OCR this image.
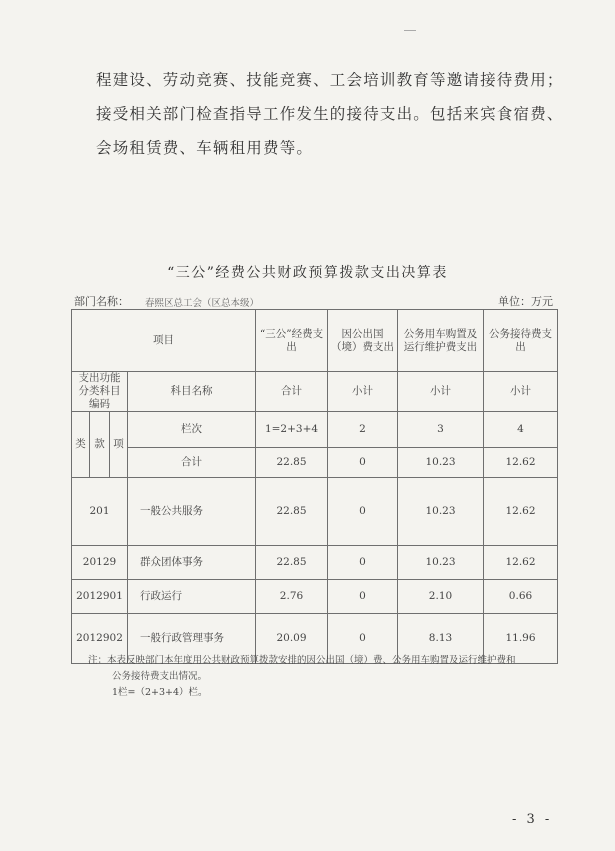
程建设、劳动竞赛、技能竞赛、工会培训教育等邀请接待费用；
接受相关部门检查指导工作发生的接待支出。包括来宾食宿费、
会场租赁费、车辆租用费等。
“三公”经费公共财政预算拨款支出决算表
部门名称： 春熙区总工会（区总本级）	单位：万元
项目				“三公”经费支出	因公出国（境）费支出	公务用车购置及运行维护费支出	公务接待费支出
支出功能分类科目编码			科目名称	合计	小计	小计	小计
类	款	项	栏次	1=2+3+4	2	3	4
			合计	22.85	0	10.23	12.62
201			一般公共服务	22.85	0	10.23	12.62
20129			群众团体事务	22.85	0	10.23	12.62
2012901			行政运行	2.76	0	2.10	0.66
2012902			一般行政管理事务	20.09	0	8.13	11.96
注：本表反映部门本年度用公共财政预算拨款安排的因公出国（境）费、公务用车购置及运行维护费和
公务接待费支出情况。
1栏=（2+3+4）栏。
- 3 -
